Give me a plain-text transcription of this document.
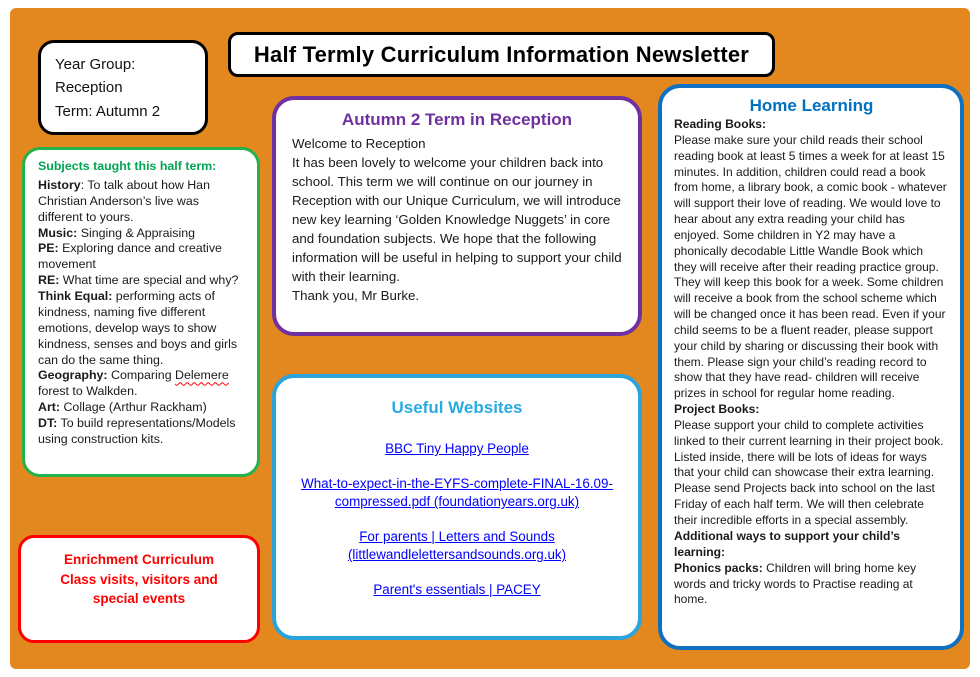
Year Group:
Reception
Term: Autumn 2
Half Termly Curriculum Information Newsletter

Subjects taught this half term:

History: To talk about how Han Christian Anderson’s live was different to yours.

Music: Singing & Appraising

PE: Exploring dance and creative movement

RE: What time are special and why?

Think Equal: performing acts of kindness, naming five different emotions, develop ways to show kindness, senses and boys and girls can do the same thing.

Geography: Comparing Delemere forest to Walkden.

Art: Collage (Arthur Rackham)

DT: To build representations/Models using construction kits.

Enrichment Curriculum
Class visits, visitors and special events
Autumn 2 Term in Reception
Welcome to Reception
It has been lovely to welcome your children back into school. This term we will continue on our journey in Reception with our Unique Curriculum, we will introduce new key learning ‘Golden Knowledge Nuggets’ in core and foundation subjects. We hope that the following information will be useful in helping to support your child with their learning.
Thank you, Mr Burke.
Useful Websites
BBC Tiny Happy People
What-to-expect-in-the-EYFS-complete-FINAL-16.09-compressed.pdf (foundationyears.org.uk)
For parents | Letters and Sounds (littlewandlelettersandsounds.org.uk)
Parent's essentials | PACEY
Home Learning
Reading Books:
Please make sure your child reads their school reading book at least 5 times a week for at least 15 minutes. In addition, children could read a book from home, a library book, a comic book - whatever will support their love of reading. We would love to hear about any extra reading your child has enjoyed. Some children in Y2 may have a phonically decodable Little Wandle Book which they will receive after their reading practice group. They will keep this book for a week. Some children will receive a book from the school scheme which will be changed once it has been read. Even if your child seems to be a fluent reader, please support your child by sharing or discussing their book with them. Please sign your child’s reading record to show that they have read- children will receive prizes in school for regular home reading.
Project Books:
Please support your child to complete activities linked to their current learning in their project book. Listed inside, there will be lots of ideas for ways that your child can showcase their extra learning. Please send Projects back into school on the last Friday of each half term. We will then celebrate their incredible efforts in a special assembly.
Additional ways to support your child’s learning:
Phonics packs: Children will bring home key words and tricky words to Practise reading at home.
